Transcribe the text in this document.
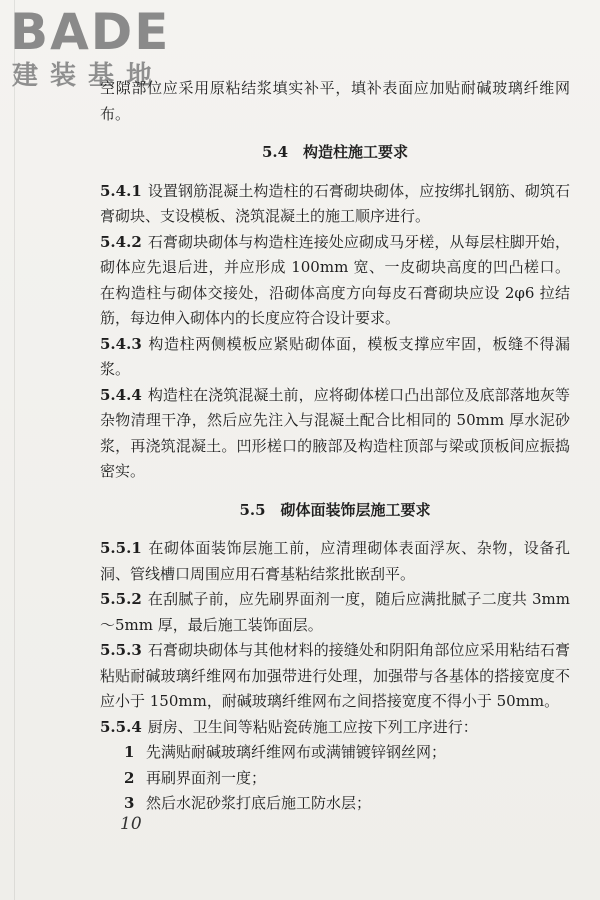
BADE
建装基地

空隙部位应采用原粘结浆填实补平，填补表面应加贴耐碱玻璃纤维网布。

5.4　构造柱施工要求

5.4.1 设置钢筋混凝土构造柱的石膏砌块砌体，应按绑扎钢筋、砌筑石膏砌块、支设模板、浇筑混凝土的施工顺序进行。

5.4.2 石膏砌块砌体与构造柱连接处应砌成马牙槎，从每层柱脚开始，砌体应先退后进，并应形成 100mm 宽、一皮砌块高度的凹凸槎口。在构造柱与砌体交接处，沿砌体高度方向每皮石膏砌块应设 2φ6 拉结筋，每边伸入砌体内的长度应符合设计要求。

5.4.3 构造柱两侧模板应紧贴砌体面，模板支撑应牢固，板缝不得漏浆。

5.4.4 构造柱在浇筑混凝土前，应将砌体槎口凸出部位及底部落地灰等杂物清理干净，然后应先注入与混凝土配合比相同的 50mm 厚水泥砂浆，再浇筑混凝土。凹形槎口的腋部及构造柱顶部与梁或顶板间应振捣密实。

5.5　砌体面装饰层施工要求

5.5.1 在砌体面装饰层施工前，应清理砌体表面浮灰、杂物，设备孔洞、管线槽口周围应用石膏基粘结浆批嵌刮平。

5.5.2 在刮腻子前，应先刷界面剂一度，随后应满批腻子二度共 3mm～5mm 厚，最后施工装饰面层。

5.5.3 石膏砌块砌体与其他材料的接缝处和阴阳角部位应采用粘结石膏粘贴耐碱玻璃纤维网布加强带进行处理，加强带与各基体的搭接宽度不应小于 150mm，耐碱玻璃纤维网布之间搭接宽度不得小于 50mm。

5.5.4 厨房、卫生间等粘贴瓷砖施工应按下列工序进行：

1 先满贴耐碱玻璃纤维网布或满铺镀锌钢丝网；

2 再刷界面剂一度；

3 然后水泥砂浆打底后施工防水层；

10
